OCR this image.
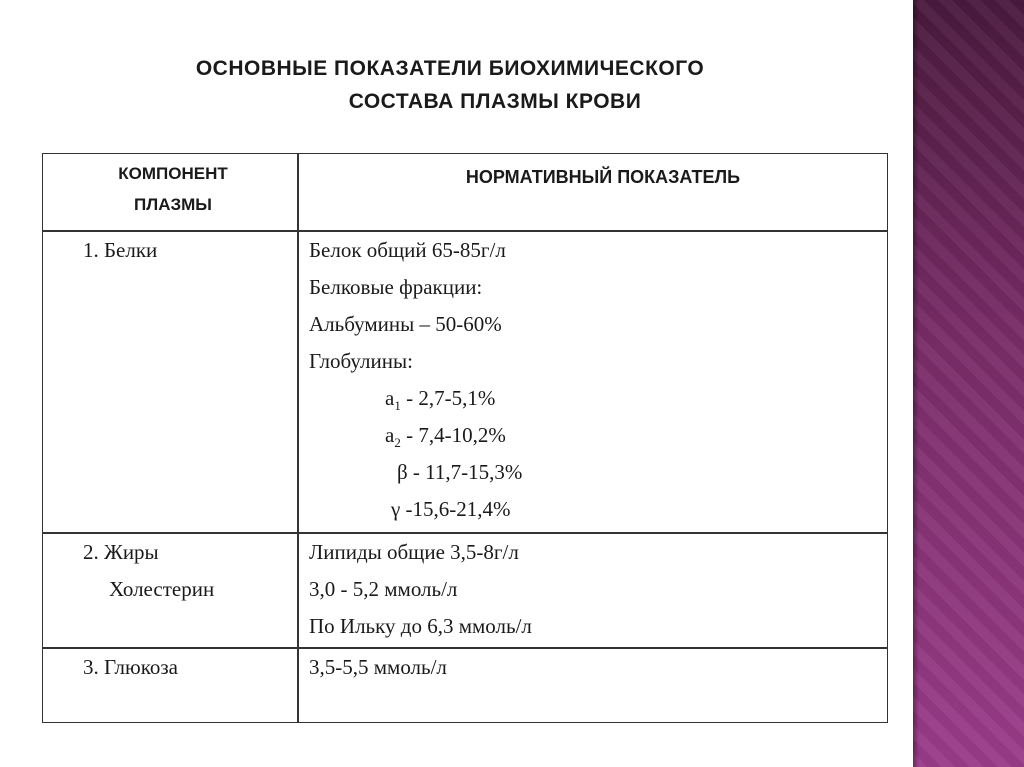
ОСНОВНЫЕ ПОКАЗАТЕЛИ БИОХИМИЧЕСКОГО
СОСТАВА ПЛАЗМЫ КРОВИ
КОМПОНЕНТ
ПЛАЗМЫ
НОРМАТИВНЫЙ ПОКАЗАТЕЛЬ
1. Белки	Белок общий 65-85г/л
Белковые фракции:
Альбумины – 50-60%
Глобулины:
$а_1 - 2,7-5,1\%$
$а_2 - 7,4-10,2\%$
β - 11,7-15,3%
γ -15,6-21,4%
2. Жиры
Холестерин
Липиды общие 3,5-8г/л
3,0 - 5,2 ммоль/л
По Ильку до 6,3 ммоль/л
3. Глюкоза	3,5-5,5 ммоль/л
